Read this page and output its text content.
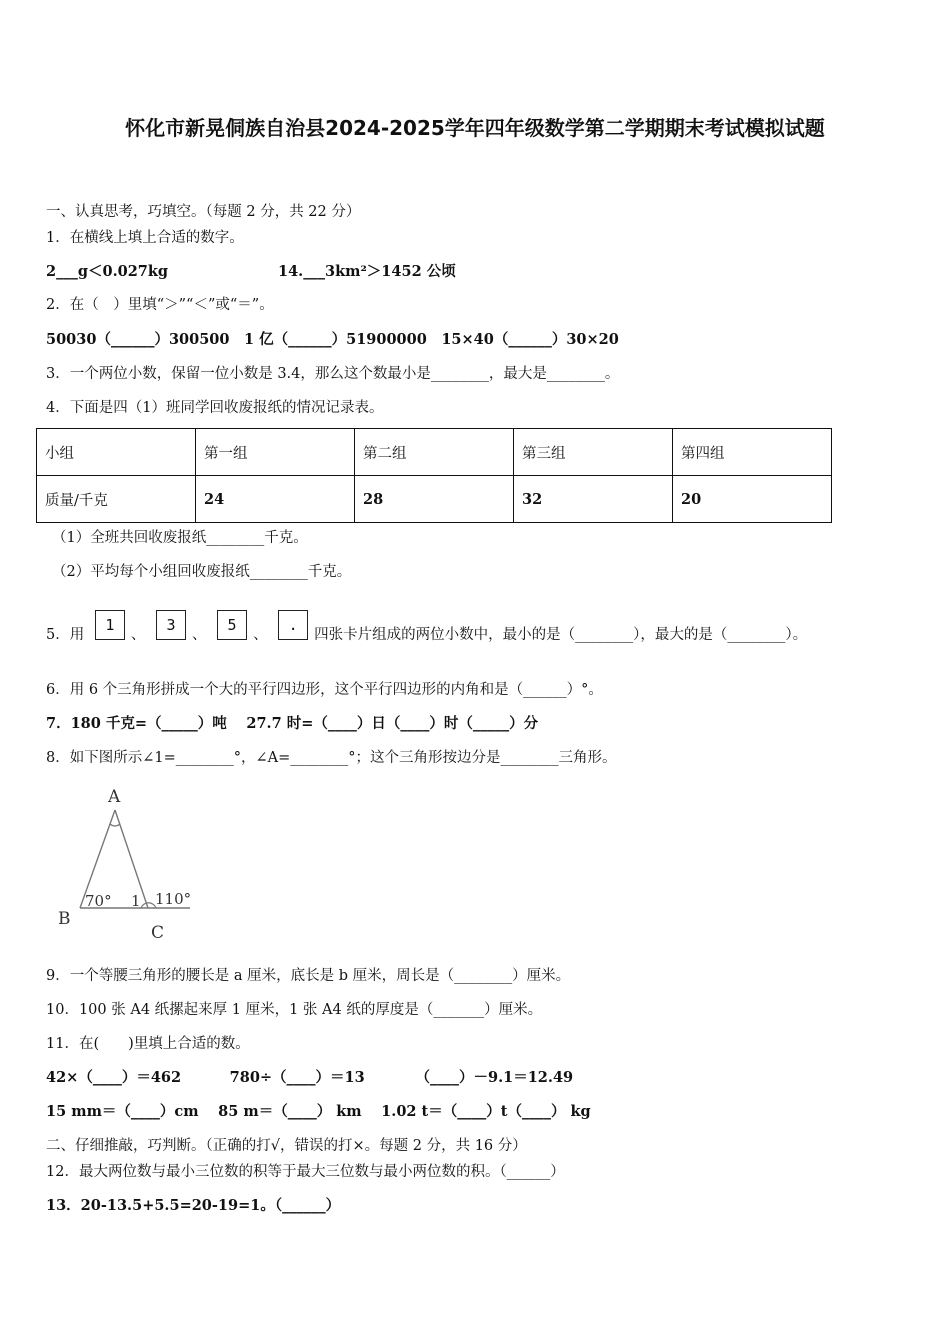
怀化市新晃侗族自治县2024-2025学年四年级数学第二学期期末考试模拟试题
一、认真思考，巧填空。（每题 2 分，共 22 分）
1．在横线上填上合适的数字。
2___g＜0.027kg	14.___3km²＞1452 公顷
2．在（　）里填“＞”“＜”或“＝”。
50030（______）300500　1 亿（______）51900000　15×40（______）30×20
3．一个两位小数，保留一位小数是 3.4，那么这个数最小是________，最大是________。
4．下面是四（1）班同学回收废报纸的情况记录表。
小组	第一组	第二组	第三组	第四组
质量/千克	24	28	32	20
（1）全班共回收废报纸________千克。
（2）平均每个小组回收废报纸________千克。
5．用 1、 3、 5、 .四张卡片组成的两位小数中，最小的是（________），最大的是（________）。
6．用 6 个三角形拼成一个大的平行四边形，这个平行四边形的内角和是（______）°。
7．180 千克=（_____）吨　 27.7 时=（____）日（____）时（_____）分
8．如下图所示∠1=________°，∠A=________°；这个三角形按边分是________三角形。
A
B
C
70° 1 110°
9．一个等腰三角形的腰长是 a 厘米，底长是 b 厘米，周长是（________）厘米。
10．100 张 A4 纸摞起来厚 1 厘米，1 张 A4 纸的厚度是（_______）厘米。
11．在(　　)里填上合适的数。
42×（____）＝462　　　 780÷（____）＝13　　　　（____）－9.1＝12.49
15 mm＝（____）cm　 85 m＝（____） km　 1.02 t＝（____）t（____） kg
二、仔细推敲，巧判断。（正确的打√，错误的打×。每题 2 分，共 16 分）
12．最大两位数与最小三位数的积等于最大三位数与最小两位数的积。（______）
13．20-13.5+5.5=20-19=1。（______）
